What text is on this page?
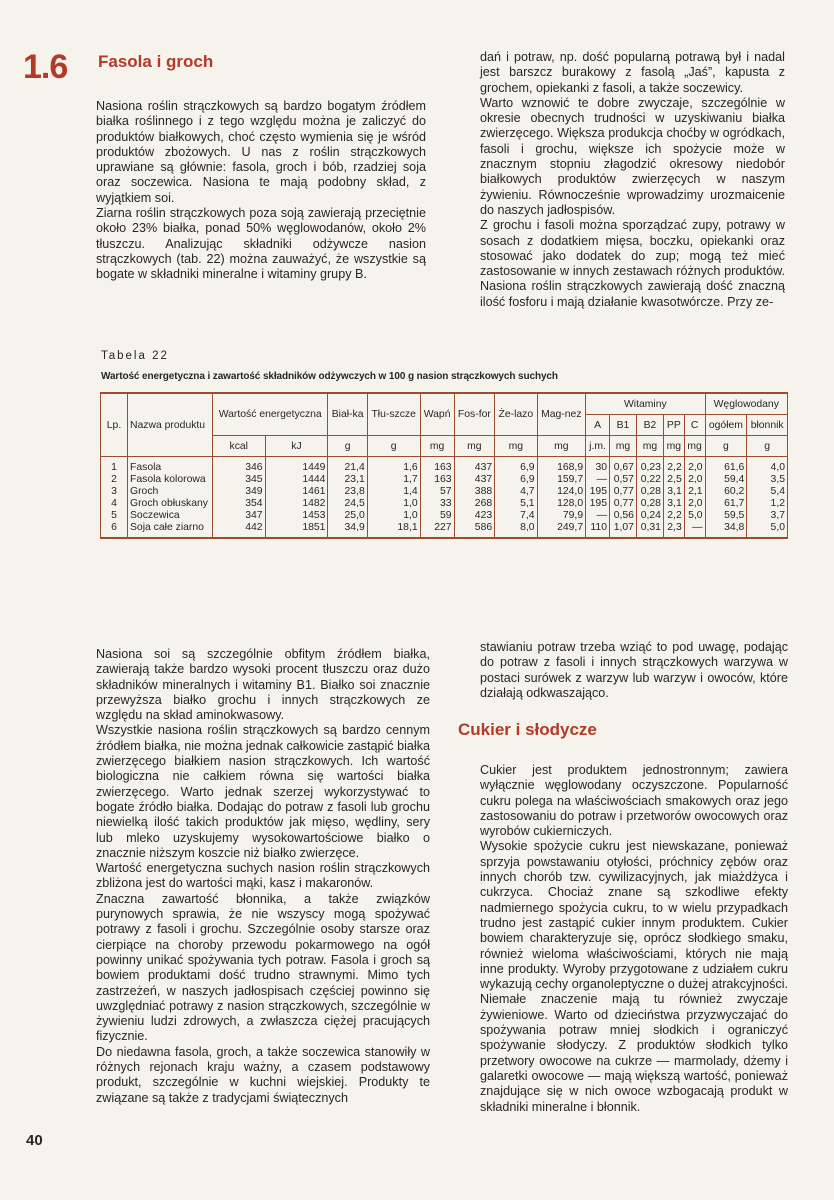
1.6 Fasola i groch

Nasiona roślin strączkowych są bardzo bogatym źródłem białka roślinnego i z tego względu można je zaliczyć do produktów białkowych, choć często wymienia się je wśród produktów zbożowych. U nas z roślin strączkowych uprawiane są głównie: fasola, groch i bób, rzadziej soja oraz soczewica. Nasiona te mają podobny skład, z wyjątkiem soi.

Ziarna roślin strączkowych poza soją zawierają przeciętnie około 23% białka, ponad 50% węglowodanów, około 2% tłuszczu. Analizując składniki odżywcze nasion strączkowych (tab. 22) można zauważyć, że wszystkie są bogate w składniki mineralne i witaminy grupy B.

dań i potraw, np. dość popularną potrawą był i nadal jest barszcz burakowy z fasolą „Jaś”, kapusta z grochem, opiekanki z fasoli, a także soczewicy.

Warto wznowić te dobre zwyczaje, szczególnie w okresie obecnych trudności w uzyskiwaniu białka zwierzęcego. Większa produkcja choćby w ogródkach, fasoli i grochu, większe ich spożycie może w znacznym stopniu złagodzić okresowy niedobór białkowych produktów zwierzęcych w naszym żywieniu. Równocześnie wprowadzimy urozmaicenie do naszych jadłospisów.

Z grochu i fasoli można sporządzać zupy, potrawy w sosach z dodatkiem mięsa, boczku, opiekanki oraz stosować jako dodatek do zup; mogą też mieć zastosowanie w innych zestawach różnych produktów. Nasiona roślin strączkowych zawierają dość znaczną ilość fosforu i mają działanie kwasotwórcze. Przy ze-

Tabela 22
Wartość energetyczna i zawartość składników odżywczych w 100 g nasion strączkowych suchych
Lp.	Nazwa produktu	Wartość energetyczna		Biał-ka	Tłu-szcze	Wapń	Fos-for	Że-lazo	Mag-nez	Witaminy					Węglowodany	
										A	B1	B2	PP	C	ogółem	błonnik
		kcal	kJ	g	g	mg	mg	mg	mg	j.m.	mg	mg	mg	mg	g	g
1	Fasola	346	1449	21,4	1,6	163	437	6,9	168,9	30	0,67	0,23	2,2	2,0	61,6	4,0
2	Fasola kolorowa	345	1444	23,1	1,7	163	437	6,9	159,7	—	0,57	0,22	2,5	2,0	59,4	3,5
3	Groch	349	1461	23,8	1,4	57	388	4,7	124,0	195	0,77	0,28	3,1	2,1	60,2	5,4
4	Groch obłuskany	354	1482	24,5	1,0	33	268	5,1	128,0	195	0,77	0,28	3,1	2,0	61,7	1,2
5	Soczewica	347	1453	25,0	1,0	59	423	7,4	79,9	—	0,56	0,24	2,2	5,0	59,5	3,7
6	Soja całe ziarno	442	1851	34,9	18,1	227	586	8,0	249,7	110	1,07	0,31	2,3	—	34,8	5,0

Nasiona soi są szczególnie obfitym źródłem białka, zawierają także bardzo wysoki procent tłuszczu oraz dużo składników mineralnych i witaminy B1. Białko soi znacznie przewyższa białko grochu i innych strączkowych ze względu na skład aminokwasowy.

Wszystkie nasiona roślin strączkowych są bardzo cennym źródłem białka, nie można jednak całkowicie zastąpić białka zwierzęcego białkiem nasion strączkowych. Ich wartość biologiczna nie całkiem równa się wartości białka zwierzęcego. Warto jednak szerzej wykorzystywać to bogate źródło białka. Dodając do potraw z fasoli lub grochu niewielką ilość takich produktów jak mięso, wędliny, sery lub mleko uzyskujemy wysokowartościowe białko o znacznie niższym koszcie niż białko zwierzęce.

Wartość energetyczna suchych nasion roślin strączkowych zbliżona jest do wartości mąki, kasz i makaronów.

Znaczna zawartość błonnika, a także związków purynowych sprawia, że nie wszyscy mogą spożywać potrawy z fasoli i grochu. Szczególnie osoby starsze oraz cierpiące na choroby przewodu pokarmowego na ogół powinny unikać spożywania tych potraw. Fasola i groch są bowiem produktami dość trudno strawnymi. Mimo tych zastrzeżeń, w naszych jadłospisach częściej powinno się uwzględniać potrawy z nasion strączkowych, szczególnie w żywieniu ludzi zdrowych, a zwłaszcza ciężej pracujących fizycznie.

Do niedawna fasola, groch, a także soczewica stanowiły w różnych rejonach kraju ważny, a czasem podstawowy produkt, szczególnie w kuchni wiejskiej. Produkty te związane są także z tradycjami świątecznych

stawianiu potraw trzeba wziąć to pod uwagę, podając do potraw z fasoli i innych strączkowych warzywa w postaci surówek z warzyw lub warzyw i owoców, które działają odkwaszająco.

Cukier i słodycze

Cukier jest produktem jednostronnym; zawiera wyłącznie węglowodany oczyszczone. Popularność cukru polega na właściwościach smakowych oraz jego zastosowaniu do potraw i przetworów owocowych oraz wyrobów cukierniczych.

Wysokie spożycie cukru jest niewskazane, ponieważ sprzyja powstawaniu otyłości, próchnicy zębów oraz innych chorób tzw. cywilizacyjnych, jak miażdżyca i cukrzyca. Chociaż znane są szkodliwe efekty nadmiernego spożycia cukru, to w wielu przypadkach trudno jest zastąpić cukier innym produktem. Cukier bowiem charakteryzuje się, oprócz słodkiego smaku, również wieloma właściwościami, których nie mają inne produkty. Wyroby przygotowane z udziałem cukru wykazują cechy organoleptyczne o dużej atrakcyjności. Niemałe znaczenie mają tu również zwyczaje żywieniowe. Warto od dzieciństwa przyzwyczajać do spożywania potraw mniej słodkich i ograniczyć spożywanie słodyczy. Z produktów słodkich tylko przetwory owocowe na cukrze — marmolady, dżemy i galaretki owocowe — mają większą wartość, ponieważ znajdujące się w nich owoce wzbogacają produkt w składniki mineralne i błonnik.

40
